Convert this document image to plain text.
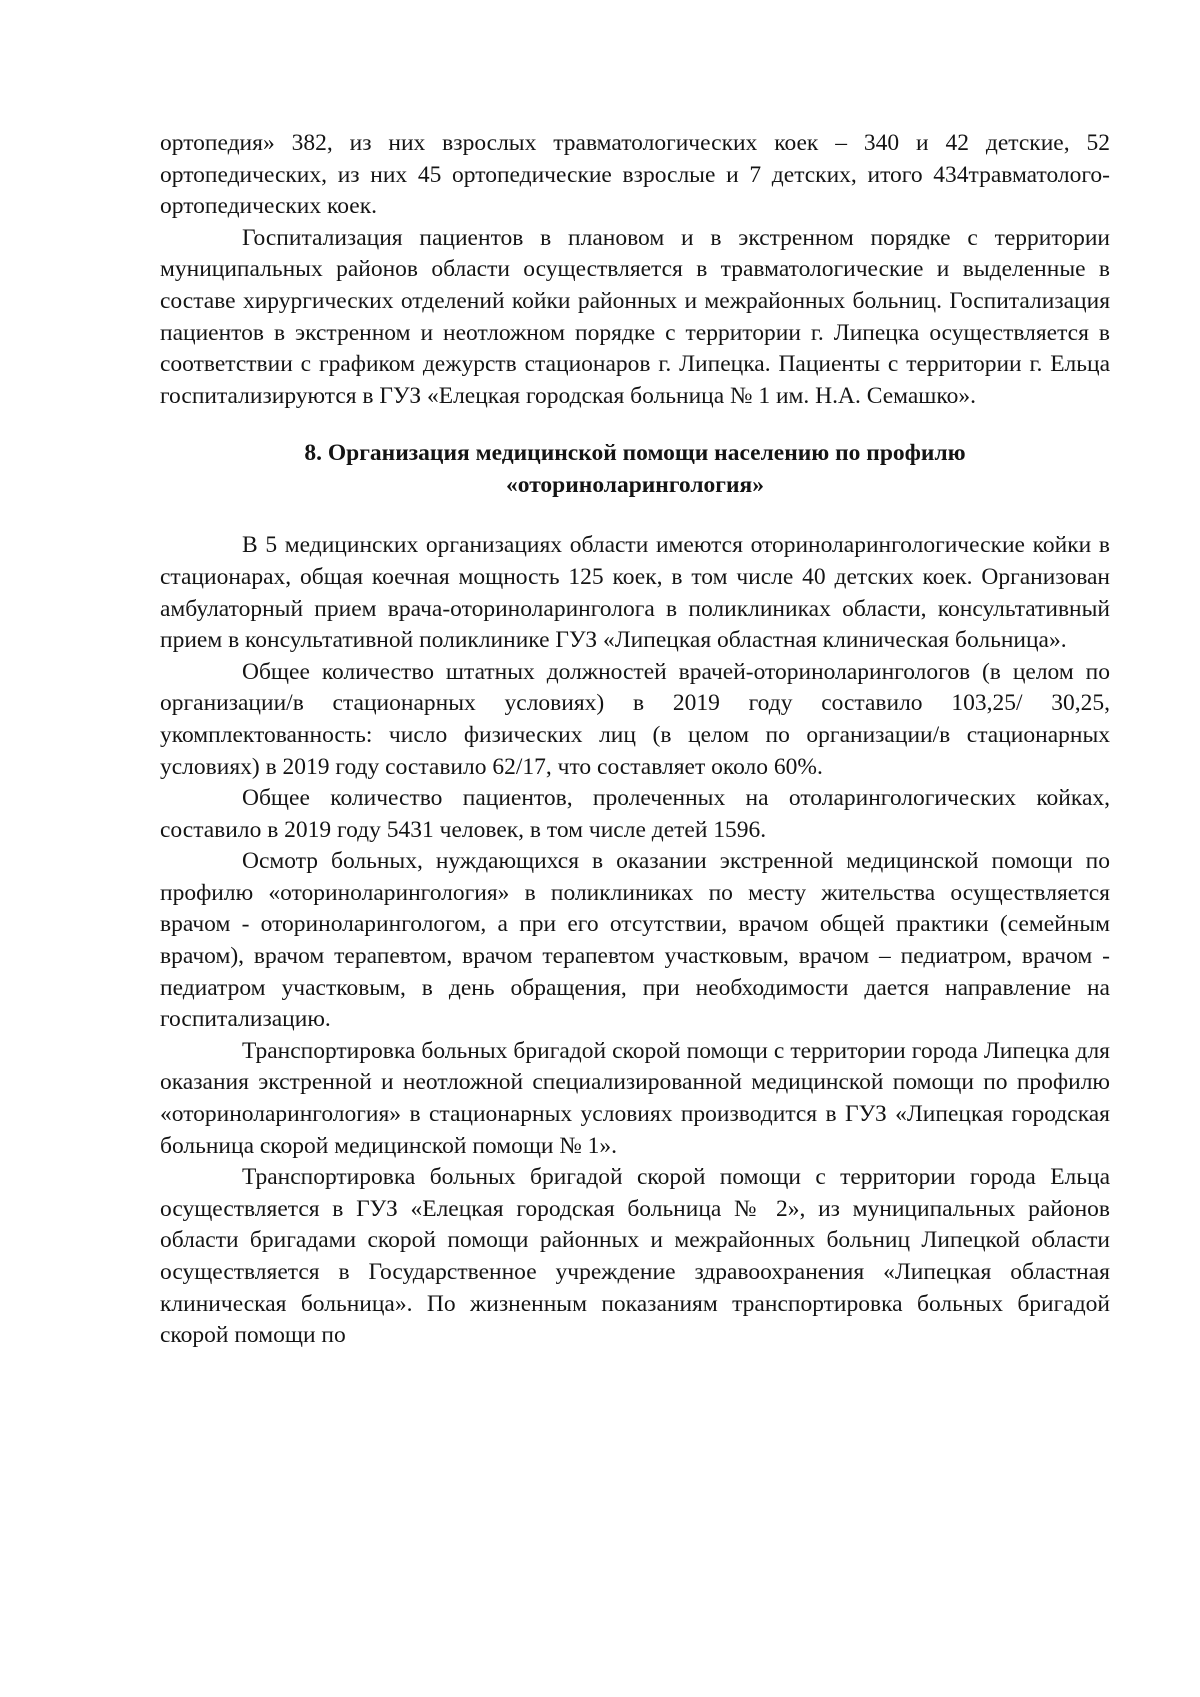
ортопедия» 382, из них взрослых травматологических коек – 340 и 42 детские, 52 ортопедических, из них 45 ортопедические взрослые и 7 детских, итого 434травматолого-ортопедических коек.

Госпитализация пациентов в плановом и в экстренном порядке с территории муниципальных районов области осуществляется в травматологические и выделенные в составе хирургических отделений койки районных и межрайонных больниц. Госпитализация пациентов в экстренном и неотложном порядке с территории г. Липецка осуществляется в соответствии с графиком дежурств стационаров г. Липецка. Пациенты с территории г. Ельца госпитализируются в ГУЗ «Елецкая городская больница № 1 им. Н.А. Семашко».

8. Организация медицинской помощи населению по профилю
«оториноларингология»

В 5 медицинских организациях области имеются оториноларингологические койки в стационарах, общая коечная мощность 125 коек, в том числе 40 детских коек. Организован амбулаторный прием врача-оториноларинголога в поликлиниках области, консультативный прием в консультативной поликлинике ГУЗ «Липецкая областная клиническая больница».

Общее количество штатных должностей врачей-оториноларингологов (в целом по организации/в стационарных условиях) в 2019 году составило 103,25/ 30,25, укомплектованность: число физических лиц (в целом по организации/в стационарных условиях) в 2019 году составило 62/17, что составляет около 60%.

Общее количество пациентов, пролеченных на отоларингологических койках, составило в 2019 году 5431 человек, в том числе детей 1596.

Осмотр больных, нуждающихся в оказании экстренной медицинской помощи по профилю «оториноларингология» в поликлиниках по месту жительства осуществляется врачом - оториноларингологом, а при его отсутствии, врачом общей практики (семейным врачом), врачом терапевтом, врачом терапевтом участковым, врачом – педиатром, врачом - педиатром участковым, в день обращения, при необходимости дается направление на госпитализацию.

Транспортировка больных бригадой скорой помощи с территории города Липецка для оказания экстренной и неотложной специализированной медицинской помощи по профилю «оториноларингология» в стационарных условиях производится в ГУЗ «Липецкая городская больница скорой медицинской помощи № 1».

Транспортировка больных бригадой скорой помощи с территории города Ельца осуществляется в ГУЗ «Елецкая городская больница № 2», из муниципальных районов области бригадами скорой помощи районных и межрайонных больниц Липецкой области осуществляется в Государственное учреждение здравоохранения «Липецкая областная клиническая больница». По жизненным показаниям транспортировка больных бригадой скорой помощи по
